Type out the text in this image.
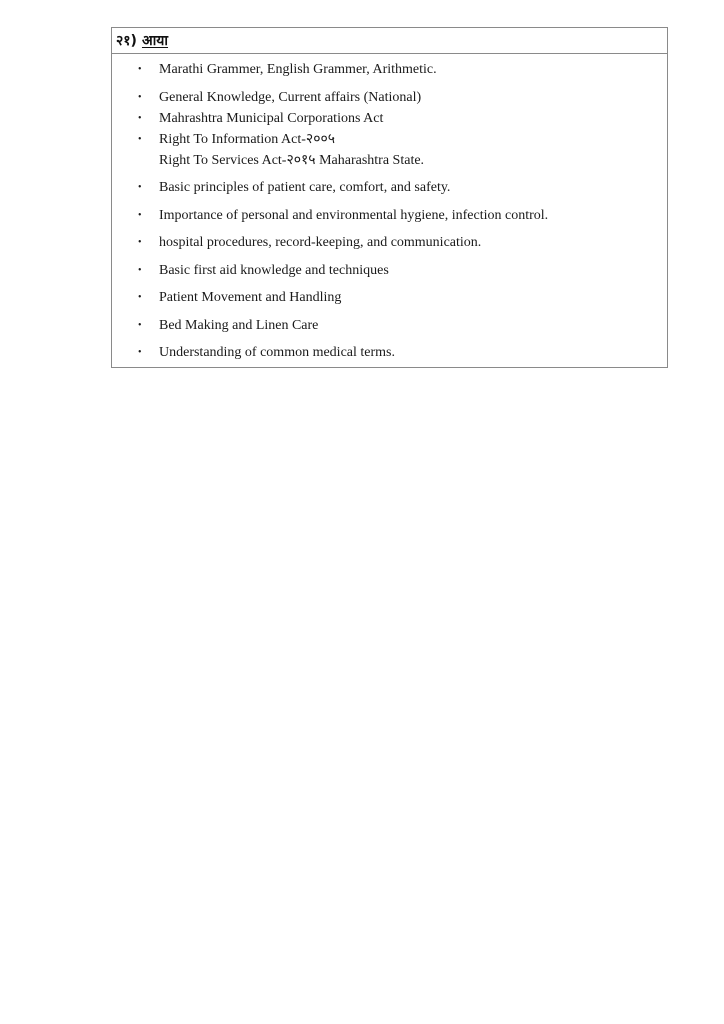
२१) आया
• Marathi Grammer, English Grammer, Arithmetic.
• General Knowledge, Current affairs (National)
• Mahrashtra Municipal Corporations Act
• Right To Information Act-२००५
Right To Services Act-२०१५ Maharashtra State.
• Basic principles of patient care, comfort, and safety.
• Importance of personal and environmental hygiene, infection control.
• hospital procedures, record-keeping, and communication.
• Basic first aid knowledge and techniques
• Patient Movement and Handling
• Bed Making and Linen Care
• Understanding of common medical terms.
